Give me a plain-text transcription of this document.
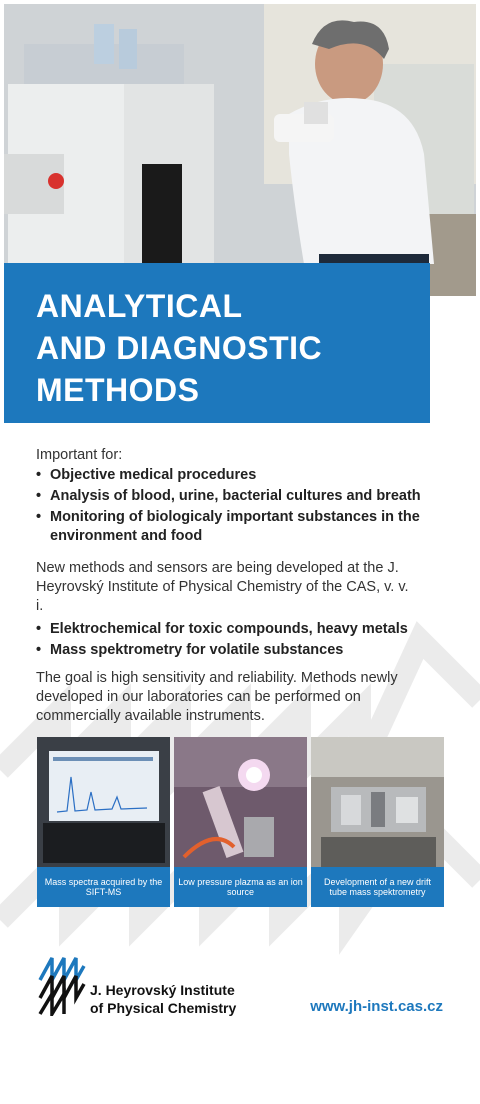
ANALYTICAL
AND DIAGNOSTIC
METHODS
Important for:
• Objective medical procedures
• Analysis of blood, urine, bacterial cultures and breath
• Monitoring of biologicaly important substances in the environment and food
New methods and sensors are being developed at the J. Heyrovský Institute of Physical Chemistry of the CAS, v. v. i.
• Elektrochemical for toxic compounds, heavy metals
• Mass spektrometry for volatile substances
The goal is high sensitivity and reliability. Methods newly developed in our laboratories can be performed on commercially available instruments.
Mass spectra acquired by the SIFT-MS
Low pressure plazma as an ion source
Development of a new drift tube mass spektrometry
J. Heyrovský Institute
of Physical Chemistry	www.jh-inst.cas.cz
